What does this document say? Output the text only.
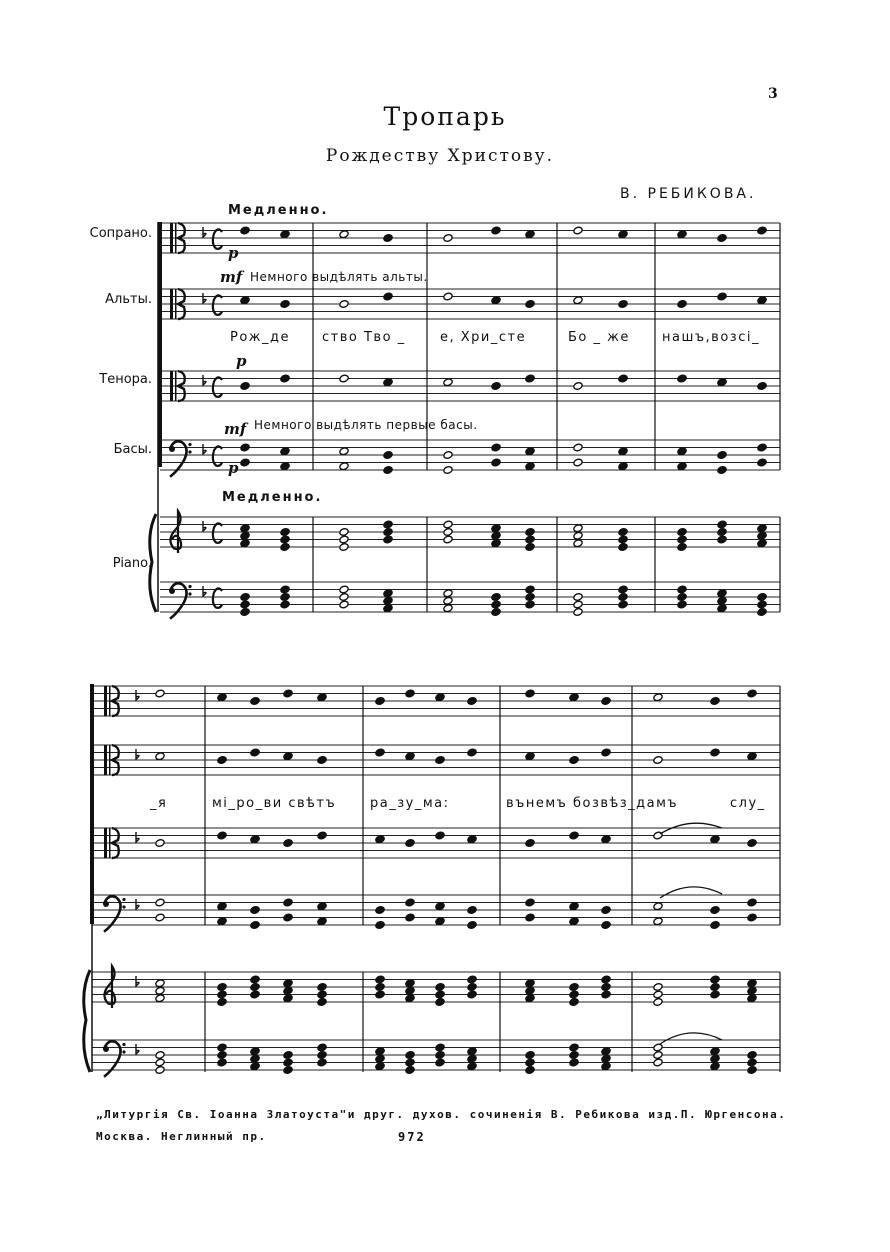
3
Тропарь
Рождеству Христову.
В. РЕБИКОВА.
Сопрано.
Альты.
Тенора.
Басы.
Piano.
Медленно.
Медленно.
p
mf
p
mf
p
Немного выдѣлять альты.
Немного выдѣлять первые басы.
Рож_де ство Тво _	е, Хри_сте	Бо _ же нашъ,возсі_
_я	мі_ро_ви свѣтъ	ра_зу_ма:	вънемъ бозвѣз_дамъ	слу_
„Литургія Св. Іоанна Златоуста"и друг. духов. сочиненія В. Ребикова изд.П. Юргенсона.
Москва. Неглинный пр.	972
